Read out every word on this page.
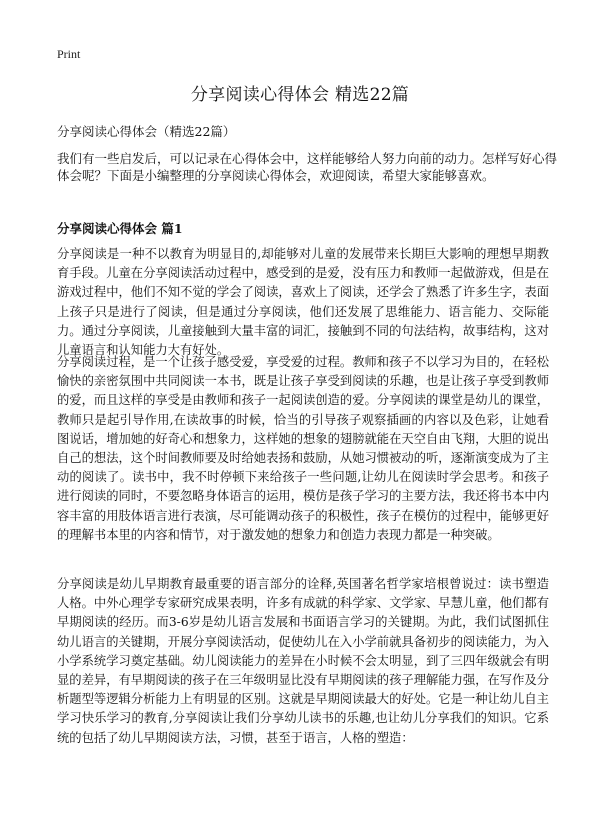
Print
分享阅读心得体会 精选22篇
分享阅读心得体会（精选22篇）

我们有一些启发后，可以记录在心得体会中，这样能够给人努力向前的动力。怎样写好心得体会呢？下面是小编整理的分享阅读心得体会，欢迎阅读，希望大家能够喜欢。

分享阅读心得体会 篇1

分享阅读是一种不以教育为明显目的,却能够对儿童的发展带来长期巨大影响的理想早期教育手段。儿童在分享阅读活动过程中，感受到的是爱，没有压力和教师一起做游戏，但是在游戏过程中，他们不知不觉的学会了阅读，喜欢上了阅读，还学会了熟悉了许多生字，表面上孩子只是进行了阅读，但是通过分享阅读，他们还发展了思维能力、语言能力、交际能力。通过分享阅读，儿童接触到大量丰富的词汇，接触到不同的句法结构，故事结构，这对儿童语言和认知能力大有好处。

分享阅读过程，是一个让孩子感受爱，享受爱的过程。教师和孩子不以学习为目的，在轻松愉快的亲密氛围中共同阅读一本书，既是让孩子享受到阅读的乐趣，也是让孩子享受到教师的爱，而且这样的享受是由教师和孩子一起阅读创造的爱。分享阅读的课堂是幼儿的课堂，教师只是起引导作用,在读故事的时候，恰当的引导孩子观察插画的内容以及色彩，让她看图说话，增加她的好奇心和想象力，这样她的想象的翅膀就能在天空自由飞翔，大胆的说出自己的想法，这个时间教师要及时给她表扬和鼓励，从她习惯被动的听，逐渐演变成为了主动的阅读了。读书中，我不时停顿下来给孩子一些问题,让幼儿在阅读时学会思考。和孩子进行阅读的同时，不要忽略身体语言的运用，模仿是孩子学习的主要方法，我还将书本中内容丰富的用肢体语言进行表演，尽可能调动孩子的积极性，孩子在模仿的过程中，能够更好的理解书本里的内容和情节，对于激发她的想象力和创造力表现力都是一种突破。

分享阅读是幼儿早期教育最重要的语言部分的诠释,英国著名哲学家培根曾说过：读书塑造人格。中外心理学专家研究成果表明，许多有成就的科学家、文学家、早慧儿童，他们都有早期阅读的经历。而3-6岁是幼儿语言发展和书面语言学习的关键期。为此，我们试图抓住幼儿语言的关键期，开展分享阅读活动，促使幼儿在入小学前就具备初步的阅读能力，为入小学系统学习奠定基础。幼儿阅读能力的差异在小时候不会太明显，到了三四年级就会有明显的差异，有早期阅读的孩子在三年级明显比没有早期阅读的孩子理解能力强，在写作及分析题型等逻辑分析能力上有明显的区别。这就是早期阅读最大的好处。它是一种让幼儿自主学习快乐学习的教育,分享阅读让我们分享幼儿读书的乐趣,也让幼儿分享我们的知识。它系统的包括了幼儿早期阅读方法，习惯，甚至于语言，人格的塑造：
